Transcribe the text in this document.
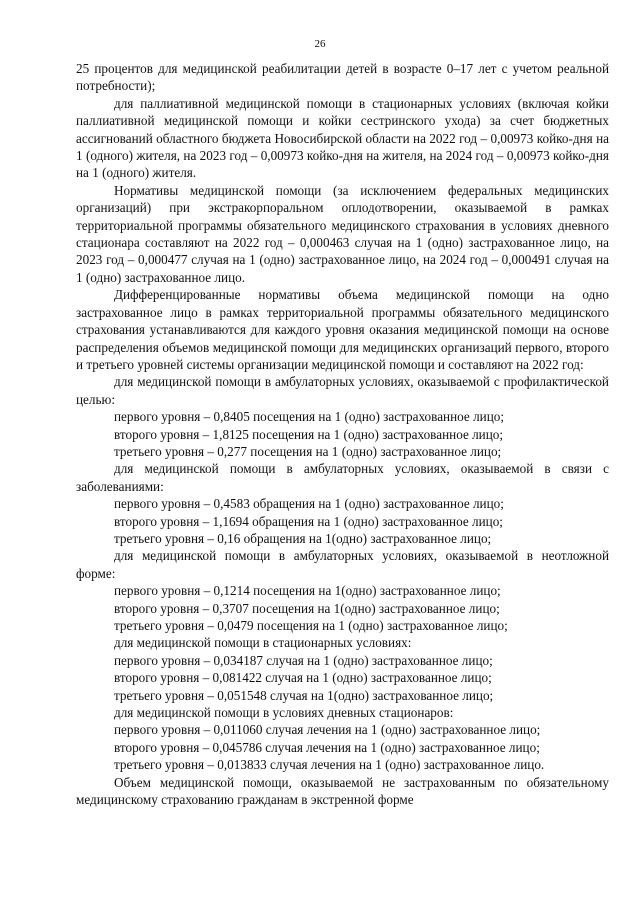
26

25 процентов для медицинской реабилитации детей в возрасте 0–17 лет с учетом реальной потребности);

для паллиативной медицинской помощи в стационарных условиях (включая койки паллиативной медицинской помощи и койки сестринского ухода) за счет бюджетных ассигнований областного бюджета Новосибирской области на 2022 год – 0,00973 койко-дня на 1 (одного) жителя, на 2023 год – 0,00973 койко-дня на жителя, на 2024 год – 0,00973 койко-дня на 1 (одного) жителя.

Нормативы медицинской помощи (за исключением федеральных медицинских организаций) при экстракорпоральном оплодотворении, оказываемой в рамках территориальной программы обязательного медицинского страхования в условиях дневного стационара составляют на 2022 год – 0,000463 случая на 1 (одно) застрахованное лицо, на 2023 год – 0,000477 случая на 1 (одно) застрахованное лицо, на 2024 год – 0,000491 случая на 1 (одно) застрахованное лицо.

Дифференцированные нормативы объема медицинской помощи на одно застрахованное лицо в рамках территориальной программы обязательного медицинского страхования устанавливаются для каждого уровня оказания медицинской помощи на основе распределения объемов медицинской помощи для медицинских организаций первого, второго и третьего уровней системы организации медицинской помощи и составляют на 2022 год:

для медицинской помощи в амбулаторных условиях, оказываемой с профилактической целью:

первого уровня – 0,8405 посещения на 1 (одно) застрахованное лицо;

второго уровня – 1,8125 посещения на 1 (одно) застрахованное лицо;

третьего уровня – 0,277 посещения на 1 (одно) застрахованное лицо;

для медицинской помощи в амбулаторных условиях, оказываемой в связи с заболеваниями:

первого уровня – 0,4583 обращения на 1 (одно) застрахованное лицо;

второго уровня – 1,1694 обращения на 1 (одно) застрахованное лицо;

третьего уровня – 0,16 обращения на 1(одно) застрахованное лицо;

для медицинской помощи в амбулаторных условиях, оказываемой в неотложной форме:

первого уровня – 0,1214 посещения на 1(одно) застрахованное лицо;

второго уровня – 0,3707 посещения на 1(одно) застрахованное лицо;

третьего уровня – 0,0479 посещения на 1 (одно) застрахованное лицо;

для медицинской помощи в стационарных условиях:

первого уровня – 0,034187 случая на 1 (одно) застрахованное лицо;

второго уровня – 0,081422 случая на 1 (одно) застрахованное лицо;

третьего уровня – 0,051548 случая на 1(одно) застрахованное лицо;

для медицинской помощи в условиях дневных стационаров:

первого уровня – 0,011060 случая лечения на 1 (одно) застрахованное лицо;

второго уровня – 0,045786 случая лечения на 1 (одно) застрахованное лицо;

третьего уровня – 0,013833 случая лечения на 1 (одно) застрахованное лицо.

Объем медицинской помощи, оказываемой не застрахованным по обязательному медицинскому страхованию гражданам в экстренной форме
